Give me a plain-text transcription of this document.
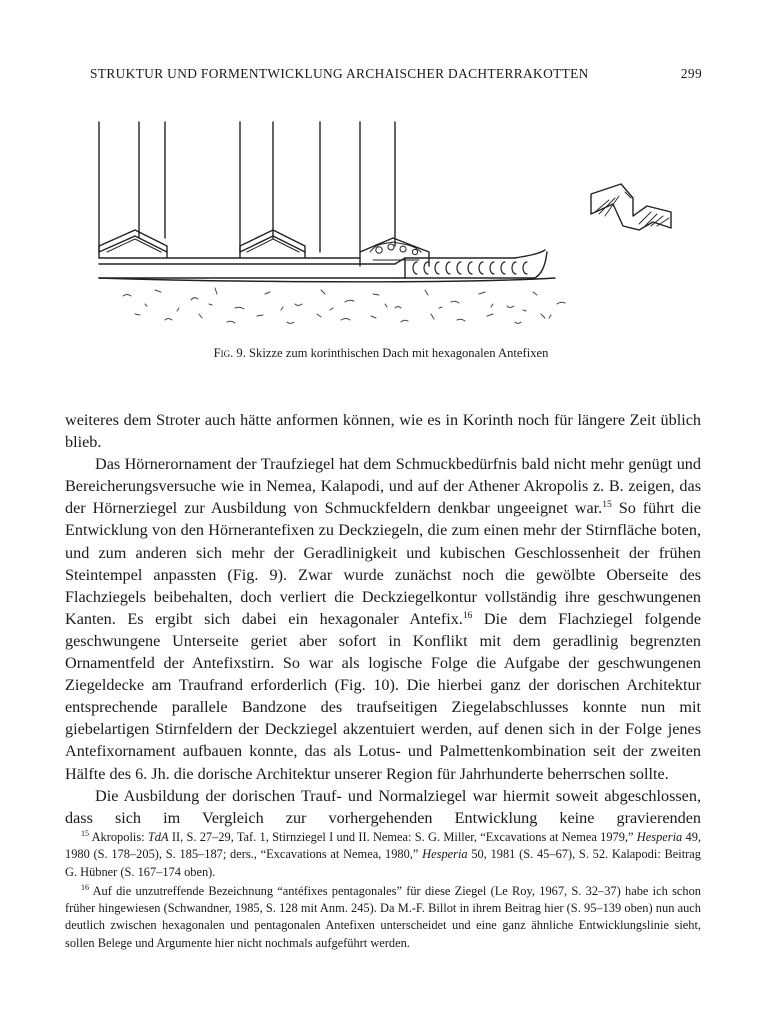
STRUKTUR UND FORMENTWICKLUNG ARCHAISCHER DACHTERRAKOTTEN	299
Fig. 9. Skizze zum korinthischen Dach mit hexagonalen Antefixen

weiteres dem Stroter auch hätte anformen können, wie es in Korinth noch für längere Zeit üblich blieb.

Das Hörnerornament der Traufziegel hat dem Schmuckbedürfnis bald nicht mehr genügt und Bereicherungsversuche wie in Nemea, Kalapodi, und auf der Athener Akropolis z. B. zeigen, das der Hörnerziegel zur Ausbildung von Schmuckfeldern denkbar ungeeignet war.$^{15}$ So führt die Entwicklung von den Hörnerantefixen zu Deckziegeln, die zum einen mehr der Stirnfläche boten, und zum anderen sich mehr der Geradlinigkeit und kubischen Geschlossenheit der frühen Steintempel anpassten (Fig. 9). Zwar wurde zunächst noch die gewölbte Oberseite des Flachziegels beibehalten, doch verliert die Deckziegelkontur vollständig ihre geschwungenen Kanten. Es ergibt sich dabei ein hexagonaler Antefix.$^{16}$ Die dem Flachziegel folgende geschwungene Unterseite geriet aber sofort in Konflikt mit dem geradlinig begrenzten Ornamentfeld der Antefixstirn. So war als logische Folge die Aufgabe der geschwungenen Ziegeldecke am Traufrand erforderlich (Fig. 10). Die hierbei ganz der dorischen Architektur entsprechende parallele Bandzone des traufseitigen Ziegelabschlusses konnte nun mit giebelartigen Stirnfeldern der Deckziegel akzentuiert werden, auf denen sich in der Folge jenes Antefixornament aufbauen konnte, das als Lotus- und Palmettenkombination seit der zweiten Hälfte des 6. Jh. die dorische Architektur unserer Region für Jahrhunderte beherrschen sollte.

Die Ausbildung der dorischen Trauf- und Normalziegel war hiermit soweit abgeschlossen, dass sich im Vergleich zur vorhergehenden Entwicklung keine gravierenden

$^{15}$ Akropolis: TdA II, S. 27–29, Taf. 1, Stirnziegel I und II. Nemea: S. G. Miller, “Excavations at Nemea 1979,” Hesperia 49, 1980 (S. 178–205), S. 185–187; ders., “Excavations at Nemea, 1980,” Hesperia 50, 1981 (S. 45–67), S. 52. Kalapodi: Beitrag G. Hübner (S. 167–174 oben).

$^{16}$ Auf die unzutreffende Bezeichnung “antéfixes pentagonales” für diese Ziegel (Le Roy, 1967, S. 32–37) habe ich schon früher hingewiesen (Schwandner, 1985, S. 128 mit Anm. 245). Da M.-F. Billot in ihrem Beitrag hier (S. 95–139 oben) nun auch deutlich zwischen hexagonalen und pentagonalen Antefixen unterscheidet und eine ganz ähnliche Entwicklungslinie sieht, sollen Belege und Argumente hier nicht nochmals aufgeführt werden.
